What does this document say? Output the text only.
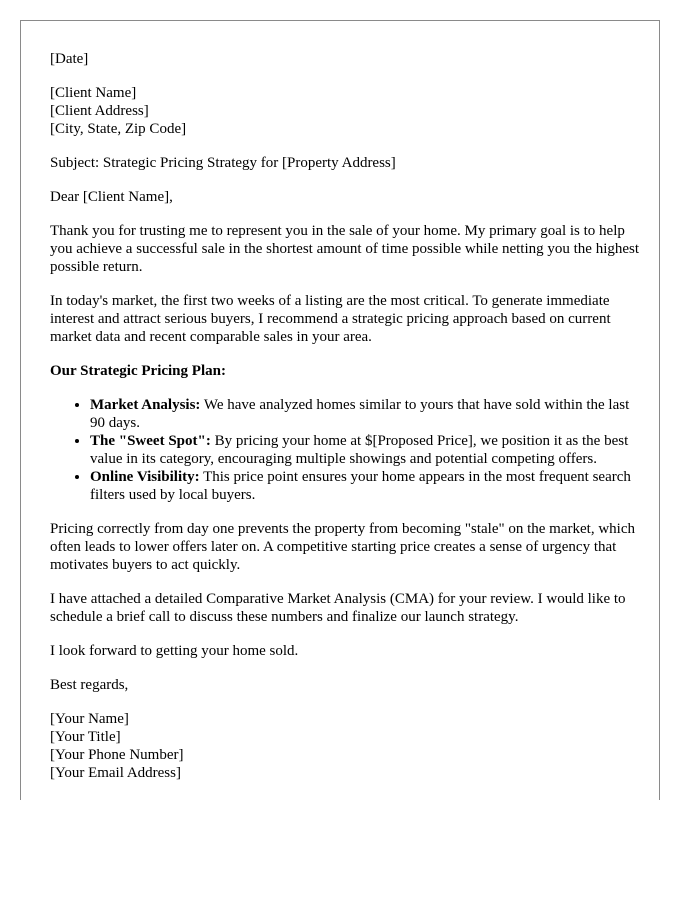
[Date]

[Client Name]
[Client Address]
[City, State, Zip Code]

Subject: Strategic Pricing Strategy for [Property Address]

Dear [Client Name],

Thank you for trusting me to represent you in the sale of your home. My primary goal is to help you achieve a successful sale in the shortest amount of time possible while netting you the highest possible return.

In today's market, the first two weeks of a listing are the most critical. To generate immediate interest and attract serious buyers, I recommend a strategic pricing approach based on current market data and recent comparable sales in your area.

Our Strategic Pricing Plan:

• Market Analysis: We have analyzed homes similar to yours that have sold within the last 90 days.
• The "Sweet Spot": By pricing your home at $[Proposed Price], we position it as the best value in its category, encouraging multiple showings and potential competing offers.
• Online Visibility: This price point ensures your home appears in the most frequent search filters used by local buyers.

Pricing correctly from day one prevents the property from becoming "stale" on the market, which often leads to lower offers later on. A competitive starting price creates a sense of urgency that motivates buyers to act quickly.

I have attached a detailed Comparative Market Analysis (CMA) for your review. I would like to schedule a brief call to discuss these numbers and finalize our launch strategy.

I look forward to getting your home sold.

Best regards,

[Your Name]
[Your Title]
[Your Phone Number]
[Your Email Address]
